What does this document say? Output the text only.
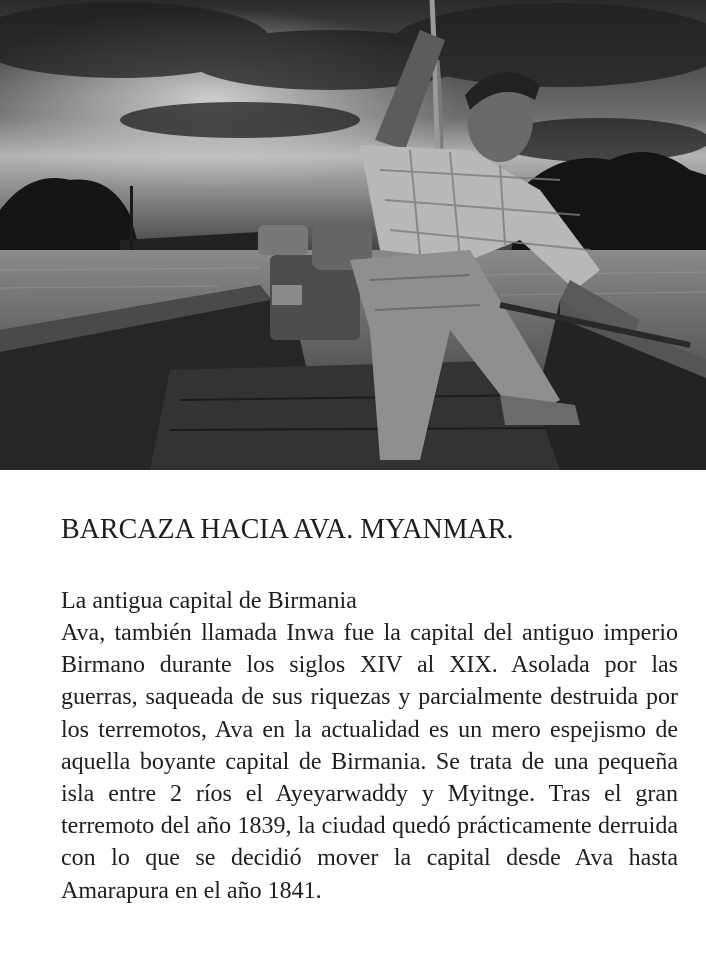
BARCAZA HACIA AVA. MYANMAR.

La antigua capital de Birmania

Ava, también llamada Inwa fue la capital del antiguo imperio Birmano durante los siglos XIV al XIX. Asolada por las guerras, saqueada de sus riquezas y parcialmente destruida por los terremotos, Ava en la actualidad es un mero espejismo de aquella boyante capital de Birmania. Se trata de una pequeña isla entre 2 ríos el Ayeyarwaddy y Myitnge. Tras el gran terremoto del año 1839, la ciudad quedó prácticamente derruida con lo que se decidió mover la capital desde Ava hasta Amarapura en el año 1841.
